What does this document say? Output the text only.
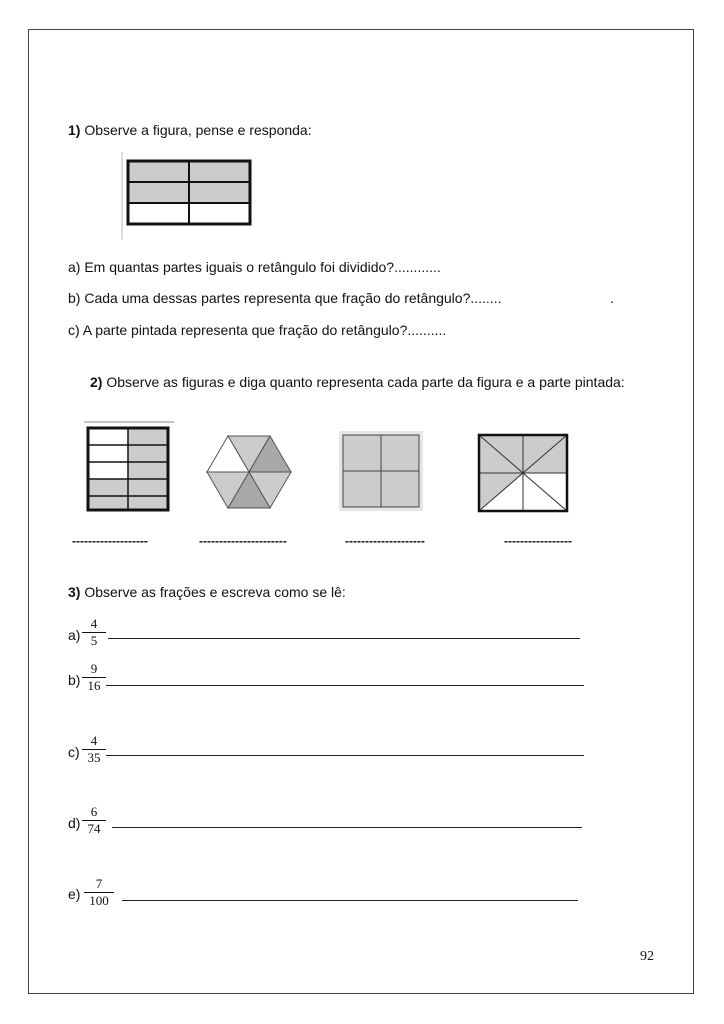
1) Observe a figura, pense e responda:
a) Em quantas partes iguais o retângulo foi dividido?............
b) Cada uma dessas partes representa que fração do retângulo?........	.
c) A parte pintada representa que fração do retângulo?..........
2) Observe as figuras e diga quanto representa cada parte da figura e a parte pintada:
-------------------	----------------------	--------------------	-----------------
3) Observe as frações e escreva como se lê:
a)
4
5
b)
9
16
c)
4
35
d)
6
74
e)
7
100
92
